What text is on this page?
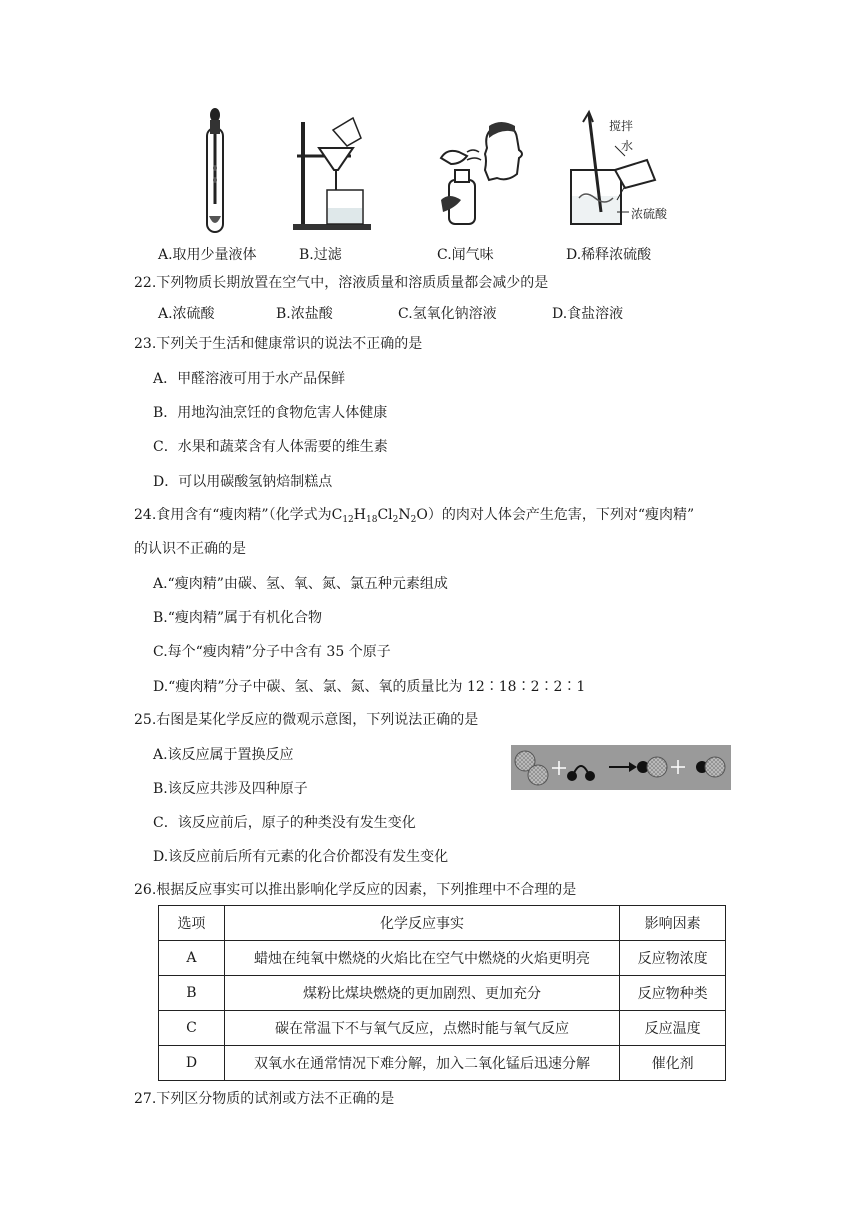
搅拌
水
浓硫酸
A.取用少量液体	B.过滤	C.闻气味	D.稀释浓硫酸
22.下列物质长期放置在空气中，溶液质量和溶质质量都会减少的是
A.浓硫酸	B.浓盐酸	C.氢氧化钠溶液	D.食盐溶液
23.下列关于生活和健康常识的说法不正确的是
A．甲醛溶液可用于水产品保鲜
B．用地沟油烹饪的食物危害人体健康
C．水果和蔬菜含有人体需要的维生素
D．可以用碳酸氢钠焙制糕点
24.食用含有“瘦肉精”（化学式为$C_{12}H_{18}Cl_2N_2O$）的肉对人体会产生危害，下列对“瘦肉精”
的认识不正确的是
A.“瘦肉精”由碳、氢、氧、氮、氯五种元素组成
B.“瘦肉精”属于有机化合物
C.每个“瘦肉精”分子中含有 35 个原子
D.“瘦肉精”分子中碳、氢、氯、氮、氧的质量比为 12∶18∶2∶2∶1
25.右图是某化学反应的微观示意图，下列说法正确的是
A.该反应属于置换反应
B.该反应共涉及四种原子
C．该反应前后，原子的种类没有发生变化
D.该反应前后所有元素的化合价都没有发生变化
26.根据反应事实可以推出影响化学反应的因素，下列推理中不合理的是
选项	化学反应事实	影响因素
A	蜡烛在纯氧中燃烧的火焰比在空气中燃烧的火焰更明亮	反应物浓度
B	煤粉比煤块燃烧的更加剧烈、更加充分	反应物种类
C	碳在常温下不与氧气反应，点燃时能与氧气反应	反应温度
D	双氧水在通常情况下难分解，加入二氧化锰后迅速分解	催化剂
27.下列区分物质的试剂或方法不正确的是
